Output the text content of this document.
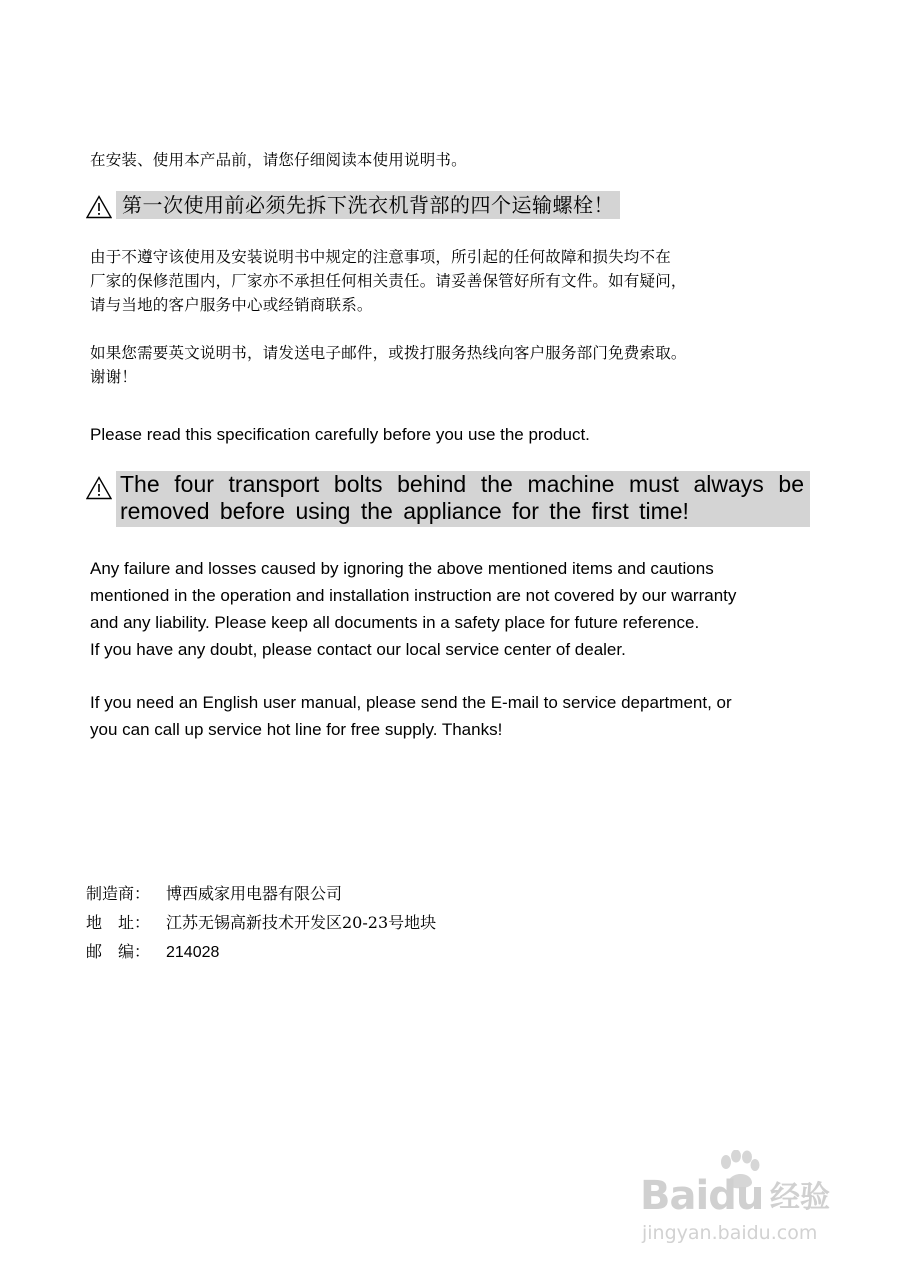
在安装、使用本产品前，请您仔细阅读本使用说明书。

第一次使用前必须先拆下洗衣机背部的四个运输螺栓！
由于不遵守该使用及安装说明书中规定的注意事项，所引起的任何故障和损失均不在
厂家的保修范围内，厂家亦不承担任何相关责任。请妥善保管好所有文件。如有疑问，
请与当地的客户服务中心或经销商联系。
如果您需要英文说明书，请发送电子邮件，或拨打服务热线向客户服务部门免费索取。
谢谢！

Please read this specification carefully before you use the product.

The four transport bolts behind the machine must always be
removed before using the appliance for the first time!
Any failure and losses caused by ignoring the above mentioned items and cautions
mentioned in the operation and installation instruction are not covered by our warranty
and any liability. Please keep all documents in a safety place for future reference.
If you have any doubt, please contact our local service center of dealer.
If you need an English user manual, please send the E-mail to service department, or
you can call up service hot line for free supply. Thanks!
制造商： 博西威家用电器有限公司
地　址： 江苏无锡高新技术开发区20-23号地块
邮　编： 214028
Baidu 经验
jingyan.baidu.com
